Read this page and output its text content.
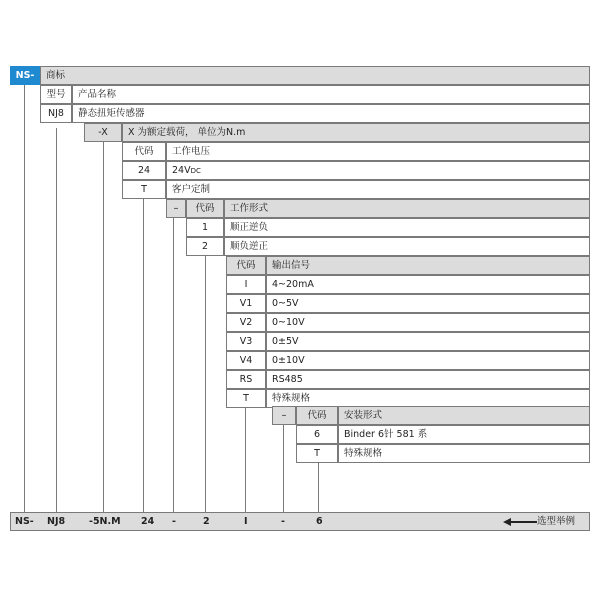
NS-	商标
型号	产品名称
NJ8	静态扭矩传感器
-X	X 为额定载荷， 单位为N.m
代码	工作电压
24	24VDC
T	客户定制
–	代码	工作形式
1	顺正逆负
2	顺负逆正
代码	输出信号
I	4~20mA
V1	0~5V
V2	0~10V
V3	0±5V
V4	0±10V
RS	RS485
T	特殊规格
–	代码	安装形式
6	Binder 6针 581 系
T	特殊规格
NS- NJ8	-5N.M 24 -	2	I	-	6	选型举例
